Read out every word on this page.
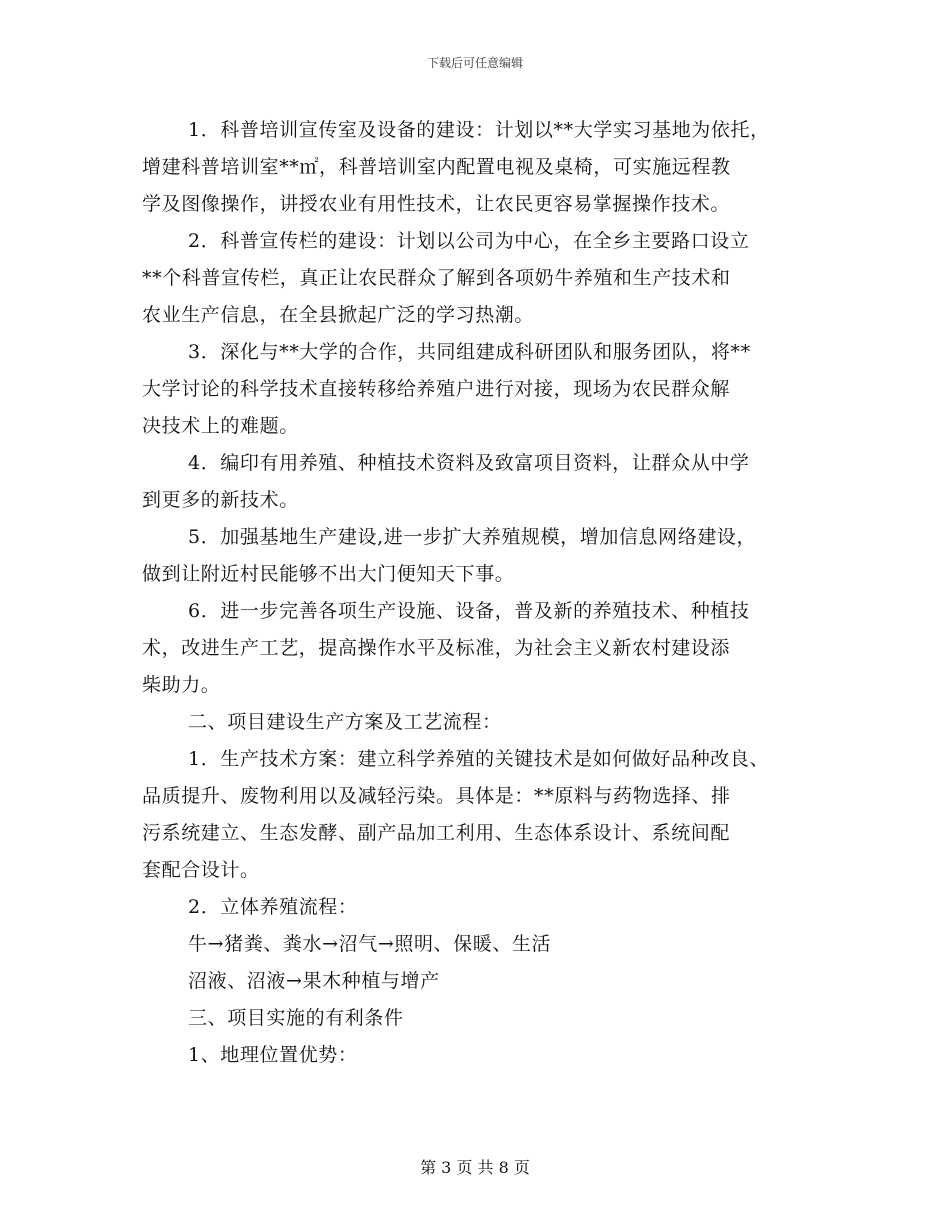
下载后可任意编辑
1．科普培训宣传室及设备的建设：计划以**大学实习基地为依托，
增建科普培训室**㎡，科普培训室内配置电视及桌椅，可实施远程教
学及图像操作，讲授农业有用性技术，让农民更容易掌握操作技术。
2．科普宣传栏的建设：计划以公司为中心，在全乡主要路口设立
**个科普宣传栏，真正让农民群众了解到各项奶牛养殖和生产技术和
农业生产信息，在全县掀起广泛的学习热潮。
3．深化与**大学的合作，共同组建成科研团队和服务团队，将**
大学讨论的科学技术直接转移给养殖户进行对接，现场为农民群众解
决技术上的难题。
4．编印有用养殖、种植技术资料及致富项目资料，让群众从中学
到更多的新技术。
5．加强基地生产建设,进一步扩大养殖规模，增加信息网络建设，
做到让附近村民能够不出大门便知天下事。
6．进一步完善各项生产设施、设备，普及新的养殖技术、种植技
术，改进生产工艺，提高操作水平及标准，为社会主义新农村建设添
柴助力。
二、项目建设生产方案及工艺流程：
1．生产技术方案：建立科学养殖的关键技术是如何做好品种改良、
品质提升、废物利用以及减轻污染。具体是：**原料与药物选择、排
污系统建立、生态发酵、副产品加工利用、生态体系设计、系统间配
套配合设计。
2．立体养殖流程：
牛→猪粪、粪水→沼气→照明、保暖、生活
沼液、沼液→果木种植与增产
三、项目实施的有利条件
1、地理位置优势：
第 3 页 共 8 页
